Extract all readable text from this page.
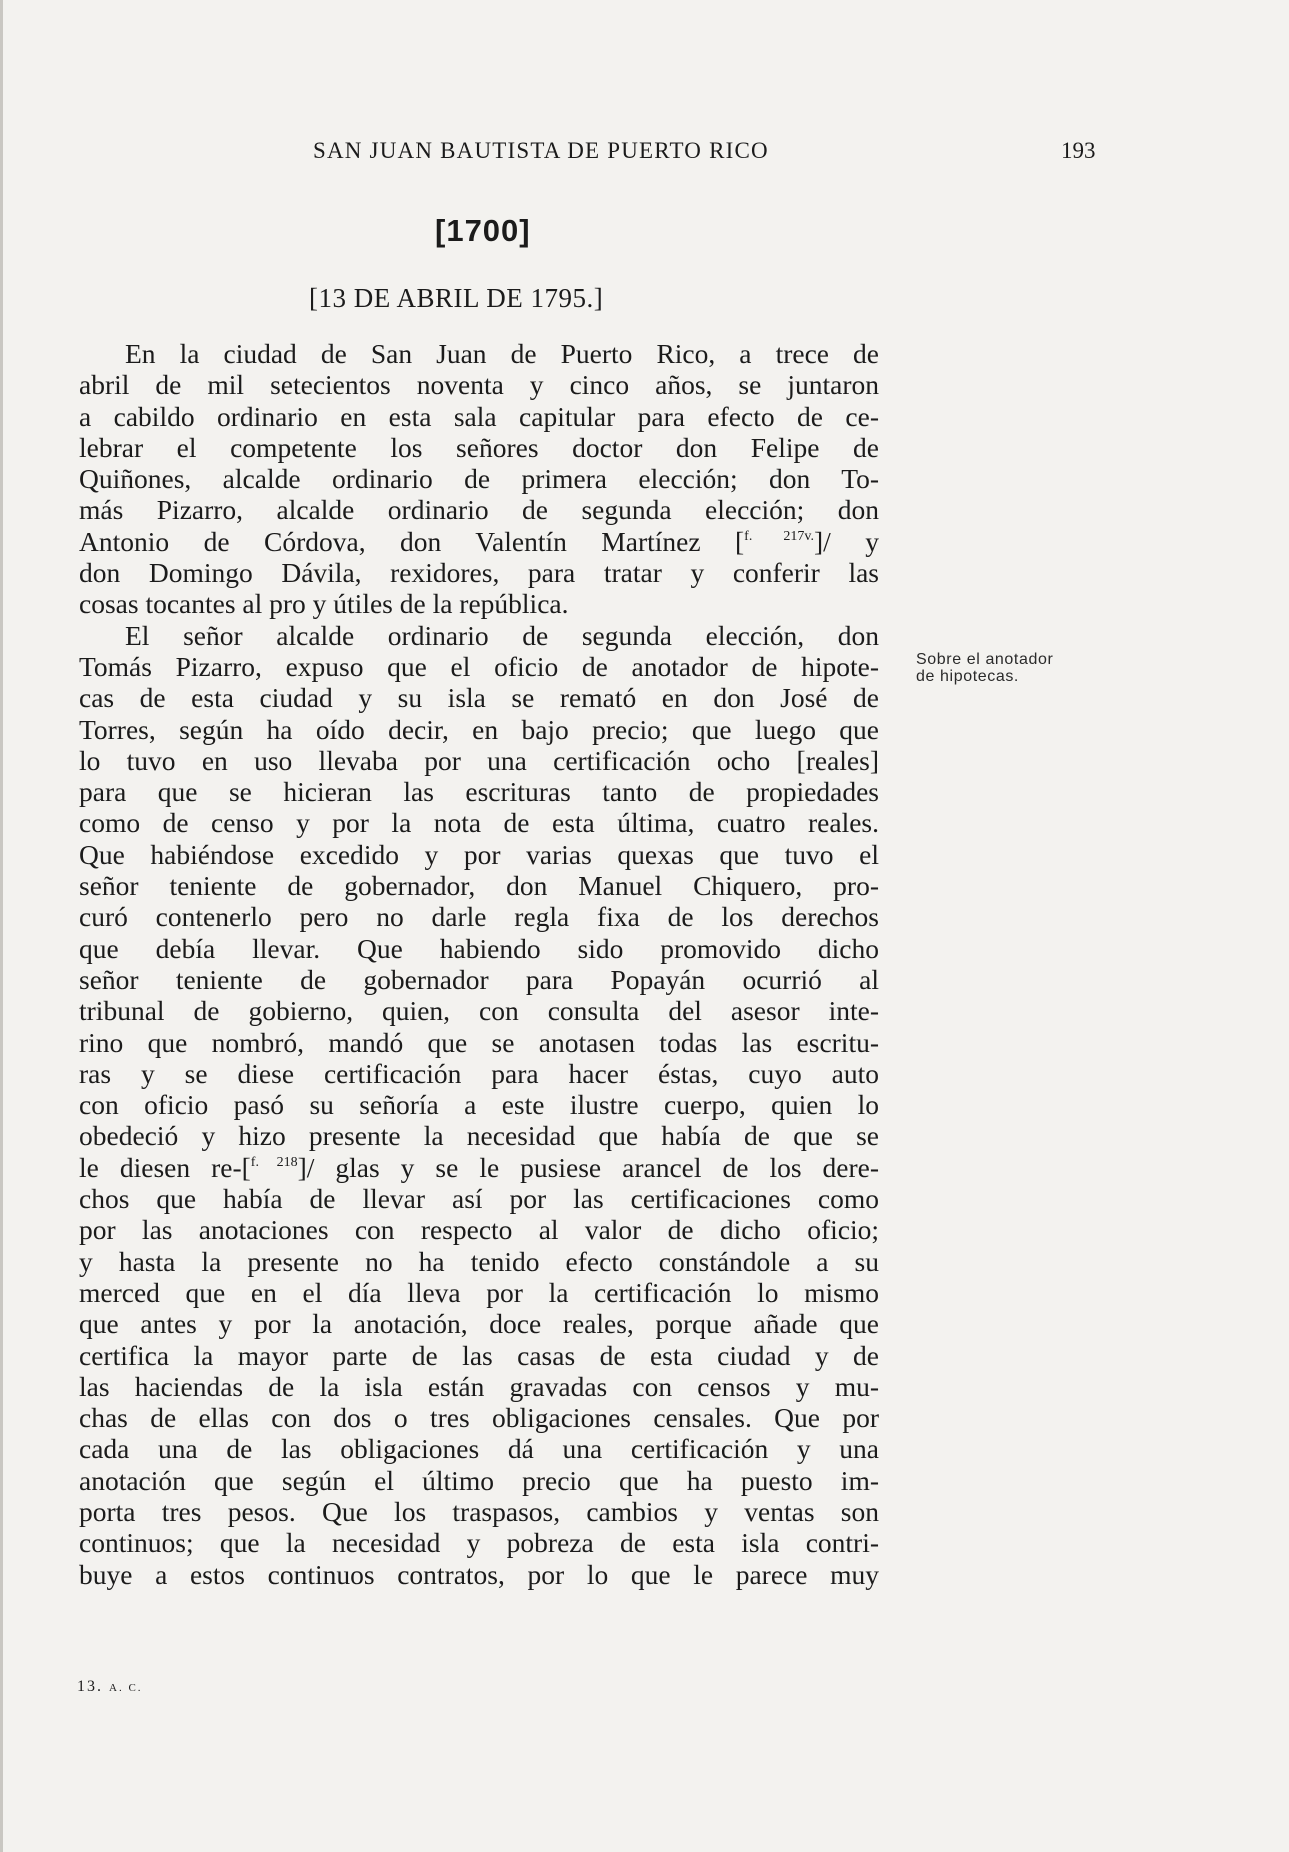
SAN JUAN BAUTISTA DE PUERTO RICO	193
[1700]
[13 DE ABRIL DE 1795.]
En la ciudad de San Juan de Puerto Rico, a trece de
abril de mil setecientos noventa y cinco años, se juntaron
a cabildo ordinario en esta sala capitular para efecto de ce-
lebrar el competente los señores doctor don Felipe de
Quiñones, alcalde ordinario de primera elección; don To-
más Pizarro, alcalde ordinario de segunda elección; don
Antonio de Córdova, don Valentín Martínez [$^{f. 217v.}$]/ y
don Domingo Dávila, rexidores, para tratar y conferir las
cosas tocantes al pro y útiles de la república.
El señor alcalde ordinario de segunda elección, don
Tomás Pizarro, expuso que el oficio de anotador de hipote-
cas de esta ciudad y su isla se remató en don José de
Torres, según ha oído decir, en bajo precio; que luego que
lo tuvo en uso llevaba por una certificación ocho [reales]
para que se hicieran las escrituras tanto de propiedades
como de censo y por la nota de esta última, cuatro reales.
Que habiéndose excedido y por varias quexas que tuvo el
señor teniente de gobernador, don Manuel Chiquero, pro-
curó contenerlo pero no darle regla fixa de los derechos
que debía llevar. Que habiendo sido promovido dicho
señor teniente de gobernador para Popayán ocurrió al
tribunal de gobierno, quien, con consulta del asesor inte-
rino que nombró, mandó que se anotasen todas las escritu-
ras y se diese certificación para hacer éstas, cuyo auto
con oficio pasó su señoría a este ilustre cuerpo, quien lo
obedeció y hizo presente la necesidad que había de que se
le diesen re-[$^{f. 218}$]/ glas y se le pusiese arancel de los dere-
chos que había de llevar así por las certificaciones como
por las anotaciones con respecto al valor de dicho oficio;
y hasta la presente no ha tenido efecto constándole a su
merced que en el día lleva por la certificación lo mismo
que antes y por la anotación, doce reales, porque añade que
certifica la mayor parte de las casas de esta ciudad y de
las haciendas de la isla están gravadas con censos y mu-
chas de ellas con dos o tres obligaciones censales. Que por
cada una de las obligaciones dá una certificación y una
anotación que según el último precio que ha puesto im-
porta tres pesos. Que los traspasos, cambios y ventas son
continuos; que la necesidad y pobreza de esta isla contri-
buye a estos continuos contratos, por lo que le parece muy
Sobre el anotador
de hipotecas.
13. A. C.
